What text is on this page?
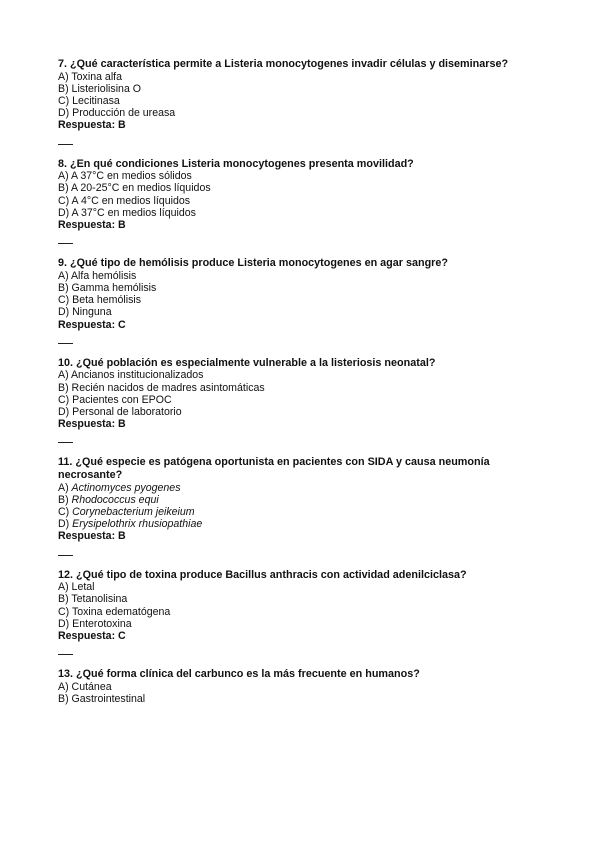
7. ¿Qué característica permite a Listeria monocytogenes invadir células y diseminarse?
A) Toxina alfa
B) Listeriolisina O
C) Lecitinasa
D) Producción de ureasa
Respuesta: B
8. ¿En qué condiciones Listeria monocytogenes presenta movilidad?
A) A 37°C en medios sólidos
B) A 20-25°C en medios líquidos
C) A 4°C en medios líquidos
D) A 37°C en medios líquidos
Respuesta: B
9. ¿Qué tipo de hemólisis produce Listeria monocytogenes en agar sangre?
A) Alfa hemólisis
B) Gamma hemólisis
C) Beta hemólisis
D) Ninguna
Respuesta: C
10. ¿Qué población es especialmente vulnerable a la listeriosis neonatal?
A) Ancianos institucionalizados
B) Recién nacidos de madres asintomáticas
C) Pacientes con EPOC
D) Personal de laboratorio
Respuesta: B
11. ¿Qué especie es patógena oportunista en pacientes con SIDA y causa neumonía necrosante?
A) Actinomyces pyogenes
B) Rhodococcus equi
C) Corynebacterium jeikeium
D) Erysipelothrix rhusiopathiae
Respuesta: B
12. ¿Qué tipo de toxina produce Bacillus anthracis con actividad adenilciclasa?
A) Letal
B) Tetanolisina
C) Toxina edematógena
D) Enterotoxina
Respuesta: C
13. ¿Qué forma clínica del carbunco es la más frecuente en humanos?
A) Cutánea
B) Gastrointestinal
